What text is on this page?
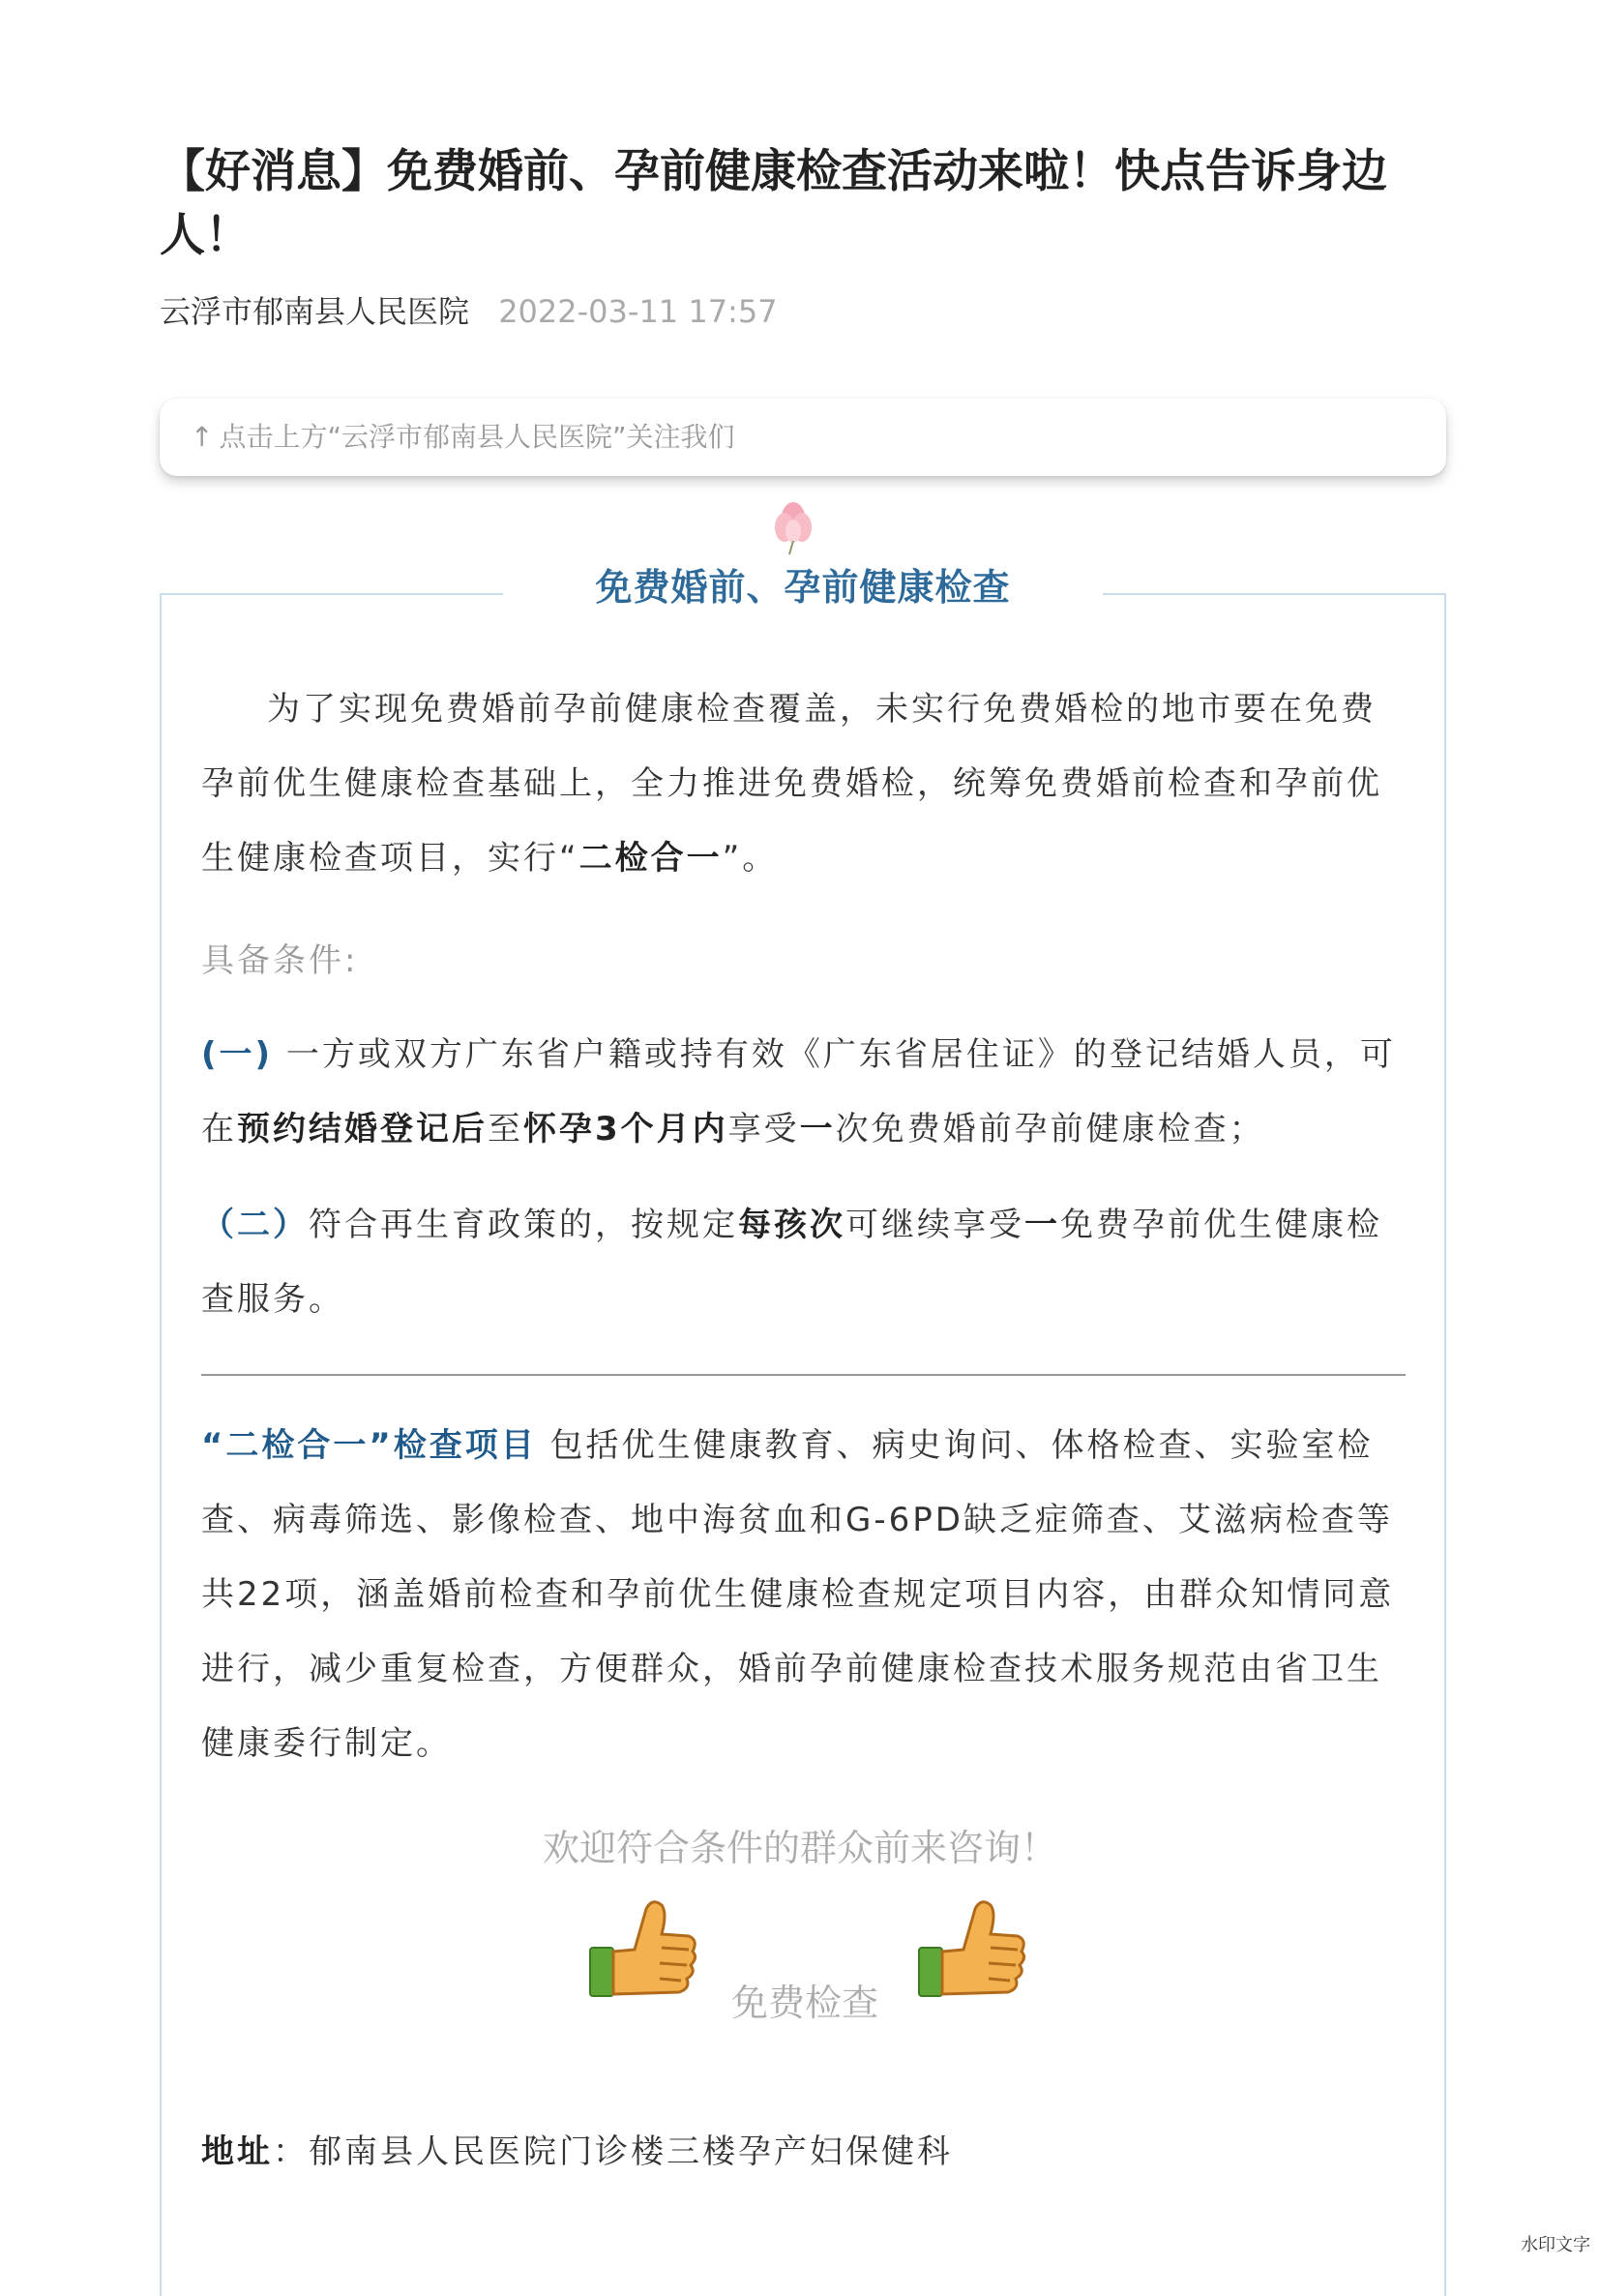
【好消息】免费婚前、孕前健康检查活动来啦！快点告诉身边人！
云浮市郁南县人民医院 2022-03-11 17:57
↑ 点击上方“云浮市郁南县人民医院”关注我们
免费婚前、孕前健康检查

为了实现免费婚前孕前健康检查覆盖，未实行免费婚检的地市要在免费孕前优生健康检查基础上，全力推进免费婚检，统筹免费婚前检查和孕前优生健康检查项目，实行“二检合一”。

具备条件:

(一) 一方或双方广东省户籍或持有效《广东省居住证》的登记结婚人员，可在预约结婚登记后至怀孕3个月内享受一次免费婚前孕前健康检查；

（二）符合再生育政策的，按规定每孩次可继续享受一免费孕前优生健康检查服务。

“二检合一”检查项目 包括优生健康教育、病史询问、体格检查、实验室检查、病毒筛选、影像检查、地中海贫血和G-6PD缺乏症筛查、艾滋病检查等共22项，涵盖婚前检查和孕前优生健康检查规定项目内容，由群众知情同意进行，减少重复检查，方便群众，婚前孕前健康检查技术服务规范由省卫生健康委行制定。

欢迎符合条件的群众前来咨询！
免费检查

地址：郁南县人民医院门诊楼三楼孕产妇保健科

水印文字
